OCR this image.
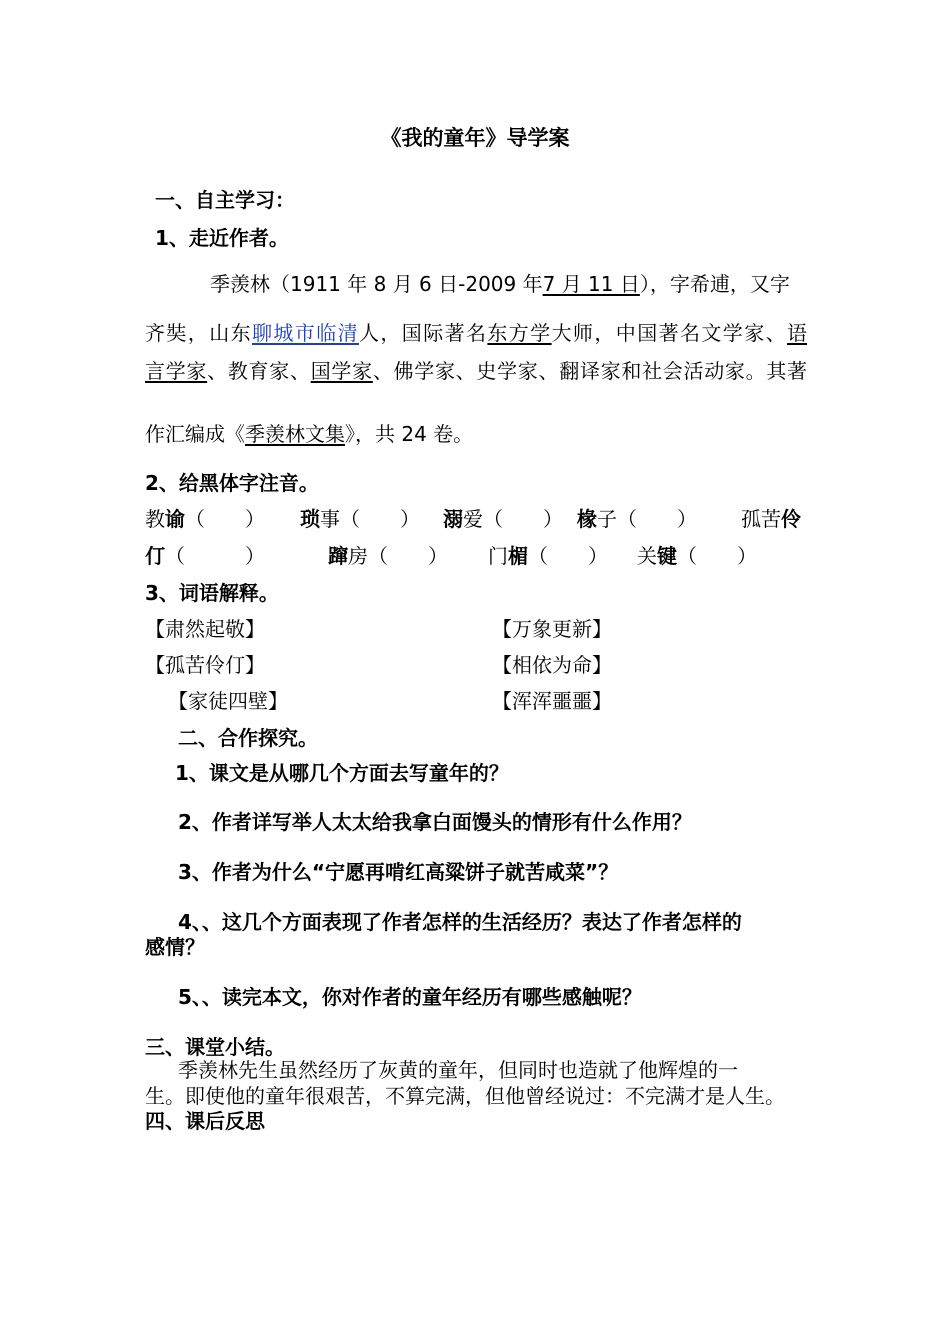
《我的童年》导学案
一、自主学习：
1、走近作者。
季羡林（1911 年 8 月 6 日-2009 年7 月 11 日），字希逋，又字
齐奘，山东聊城市临清人，国际著名东方学大师，中国著名文学家、语
言学家、教育家、国学家、佛学家、史学家、翻译家和社会活动家。其著
作汇编成《季羡林文集》，共 24 卷。
2、给黑体字注音。
教谕（　　） 琐事（　　） 溺爱（　　） 椽子（　　） 孤苦伶
仃（　　　）	蹿房（　　） 门楣（　　） 关键（　　）
3、词语解释。
【肃然起敬】	【万象更新】
【孤苦伶仃】	【相依为命】
【家徒四壁】	【浑浑噩噩】
二、合作探究。
1、课文是从哪几个方面去写童年的？
2、作者详写举人太太给我拿白面馒头的情形有什么作用？
3、作者为什么“宁愿再啃红高粱饼子就苦咸菜”？
4、、这几个方面表现了作者怎样的生活经历？表达了作者怎样的
感情？
5、、读完本文，你对作者的童年经历有哪些感触呢？
三、课堂小结。
季羡林先生虽然经历了灰黄的童年，但同时也造就了他辉煌的一
生。即使他的童年很艰苦，不算完满，但他曾经说过：不完满才是人生。
四、课后反思
